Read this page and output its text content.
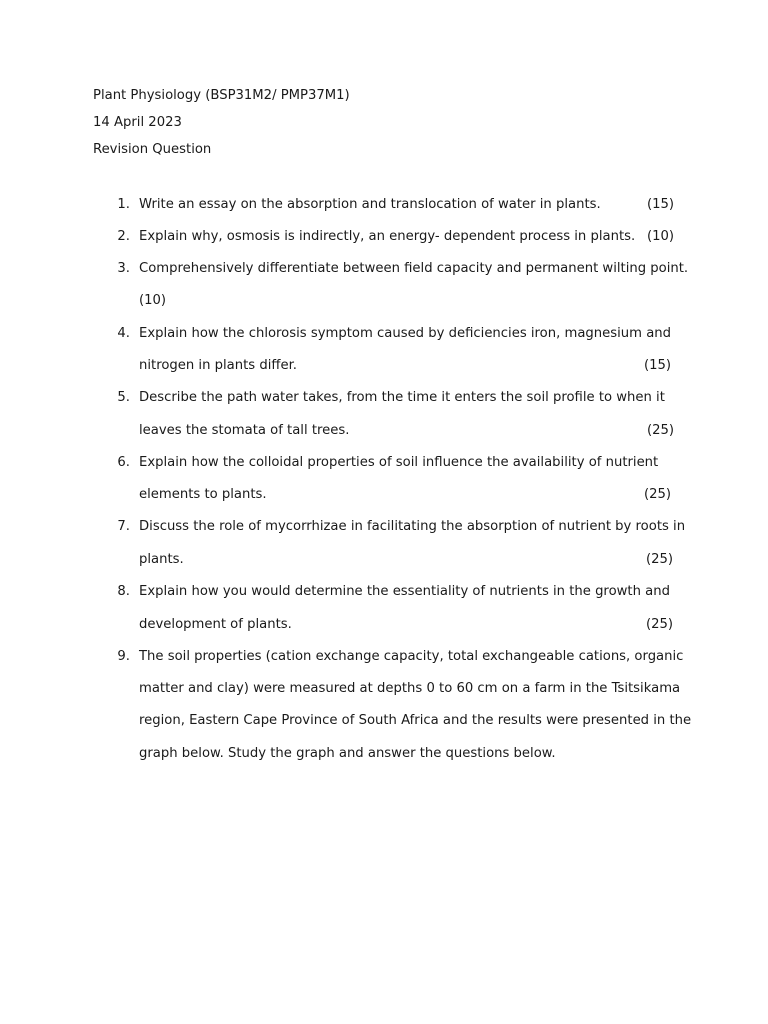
Plant Physiology (BSP31M2/ PMP37M1)
14 April 2023
Revision Question
1. Write an essay on the absorption and translocation of water in plants.	(15)
2. Explain why, osmosis is indirectly, an energy- dependent process in plants. (10)
3. Comprehensively differentiate between field capacity and permanent wilting point.
(10)
4. Explain how the chlorosis symptom caused by deficiencies iron, magnesium and
nitrogen in plants differ.	(15)
5. Describe the path water takes, from the time it enters the soil profile to when it
leaves the stomata of tall trees.	(25)
6. Explain how the colloidal properties of soil influence the availability of nutrient
elements to plants.	(25)
7. Discuss the role of mycorrhizae in facilitating the absorption of nutrient by roots in
plants.	(25)
8. Explain how you would determine the essentiality of nutrients in the growth and
development of plants.	(25)
9. The soil properties (cation exchange capacity, total exchangeable cations, organic
matter and clay) were measured at depths 0 to 60 cm on a farm in the Tsitsikama
region, Eastern Cape Province of South Africa and the results were presented in the
graph below. Study the graph and answer the questions below.
